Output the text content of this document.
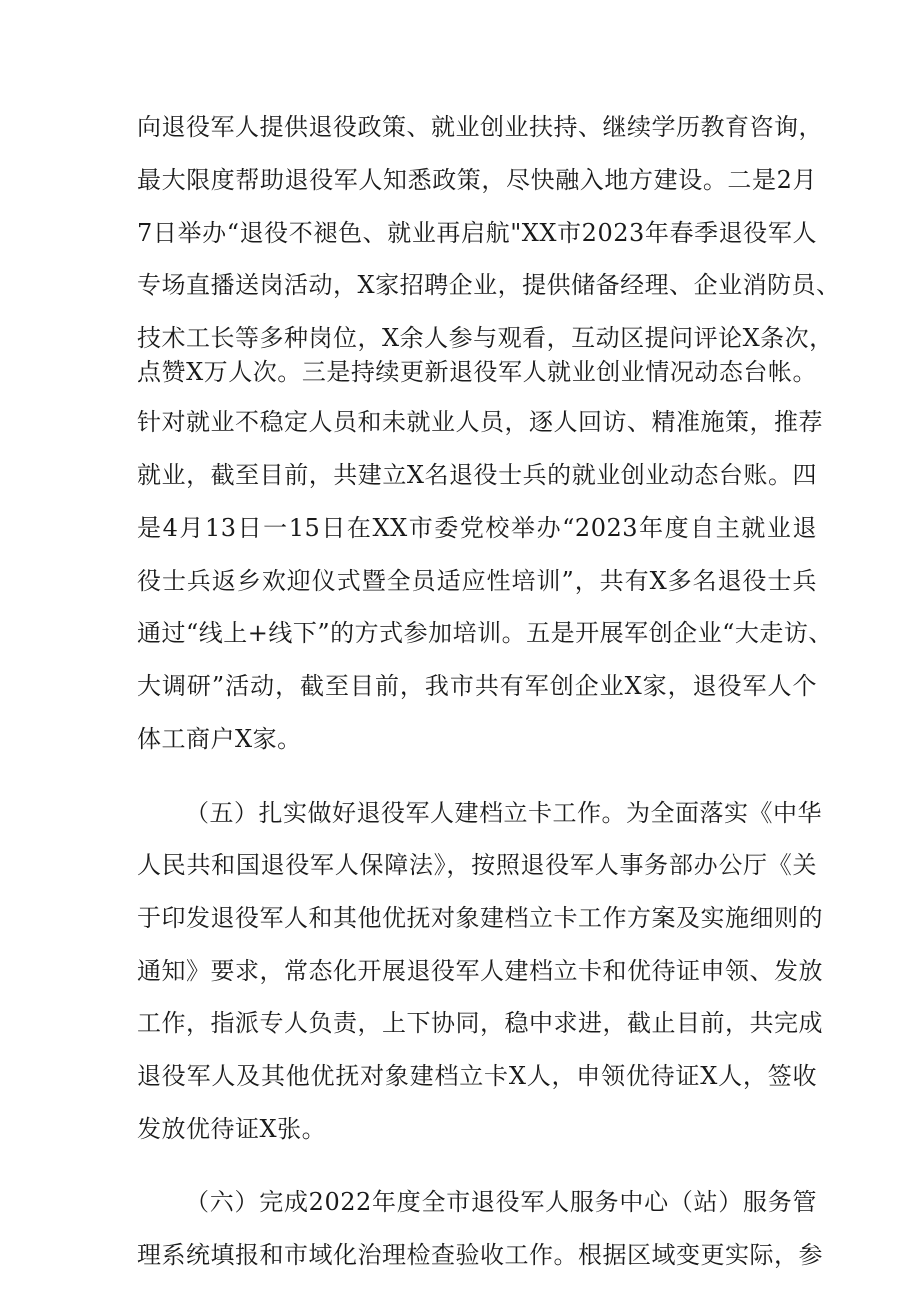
向退役军人提供退役政策、就业创业扶持、继续学历教育咨询，
最大限度帮助退役军人知悉政策，尽快融入地方建设。二是2月
7日举办“退役不褪色、就业再启航"XX市2023年春季退役军人
专场直播送岗活动，X家招聘企业，提供储备经理、企业消防员、
技术工长等多种岗位，X余人参与观看，互动区提问评论X条次，
点赞X万人次。三是持续更新退役军人就业创业情况动态台帐。
针对就业不稳定人员和未就业人员，逐人回访、精准施策，推荐
就业，截至目前，共建立X名退役士兵的就业创业动态台账。四
是4月13日一15日在XX市委党校举办“2023年度自主就业退
役士兵返乡欢迎仪式暨全员适应性培训”，共有X多名退役士兵
通过“线上+线下”的方式参加培训。五是开展军创企业“大走访、
大调研”活动，截至目前，我市共有军创企业X家，退役军人个
体工商户X家。
（五）扎实做好退役军人建档立卡工作。为全面落实《中华
人民共和国退役军人保障法》，按照退役军人事务部办公厅《关
于印发退役军人和其他优抚对象建档立卡工作方案及实施细则的
通知》要求，常态化开展退役军人建档立卡和优待证申领、发放
工作，指派专人负责，上下协同，稳中求进，截止目前，共完成
退役军人及其他优抚对象建档立卡X人，申领优待证X人，签收
发放优待证X张。
（六）完成2022年度全市退役军人服务中心（站）服务管
理系统填报和市域化治理检查验收工作。根据区域变更实际，参
